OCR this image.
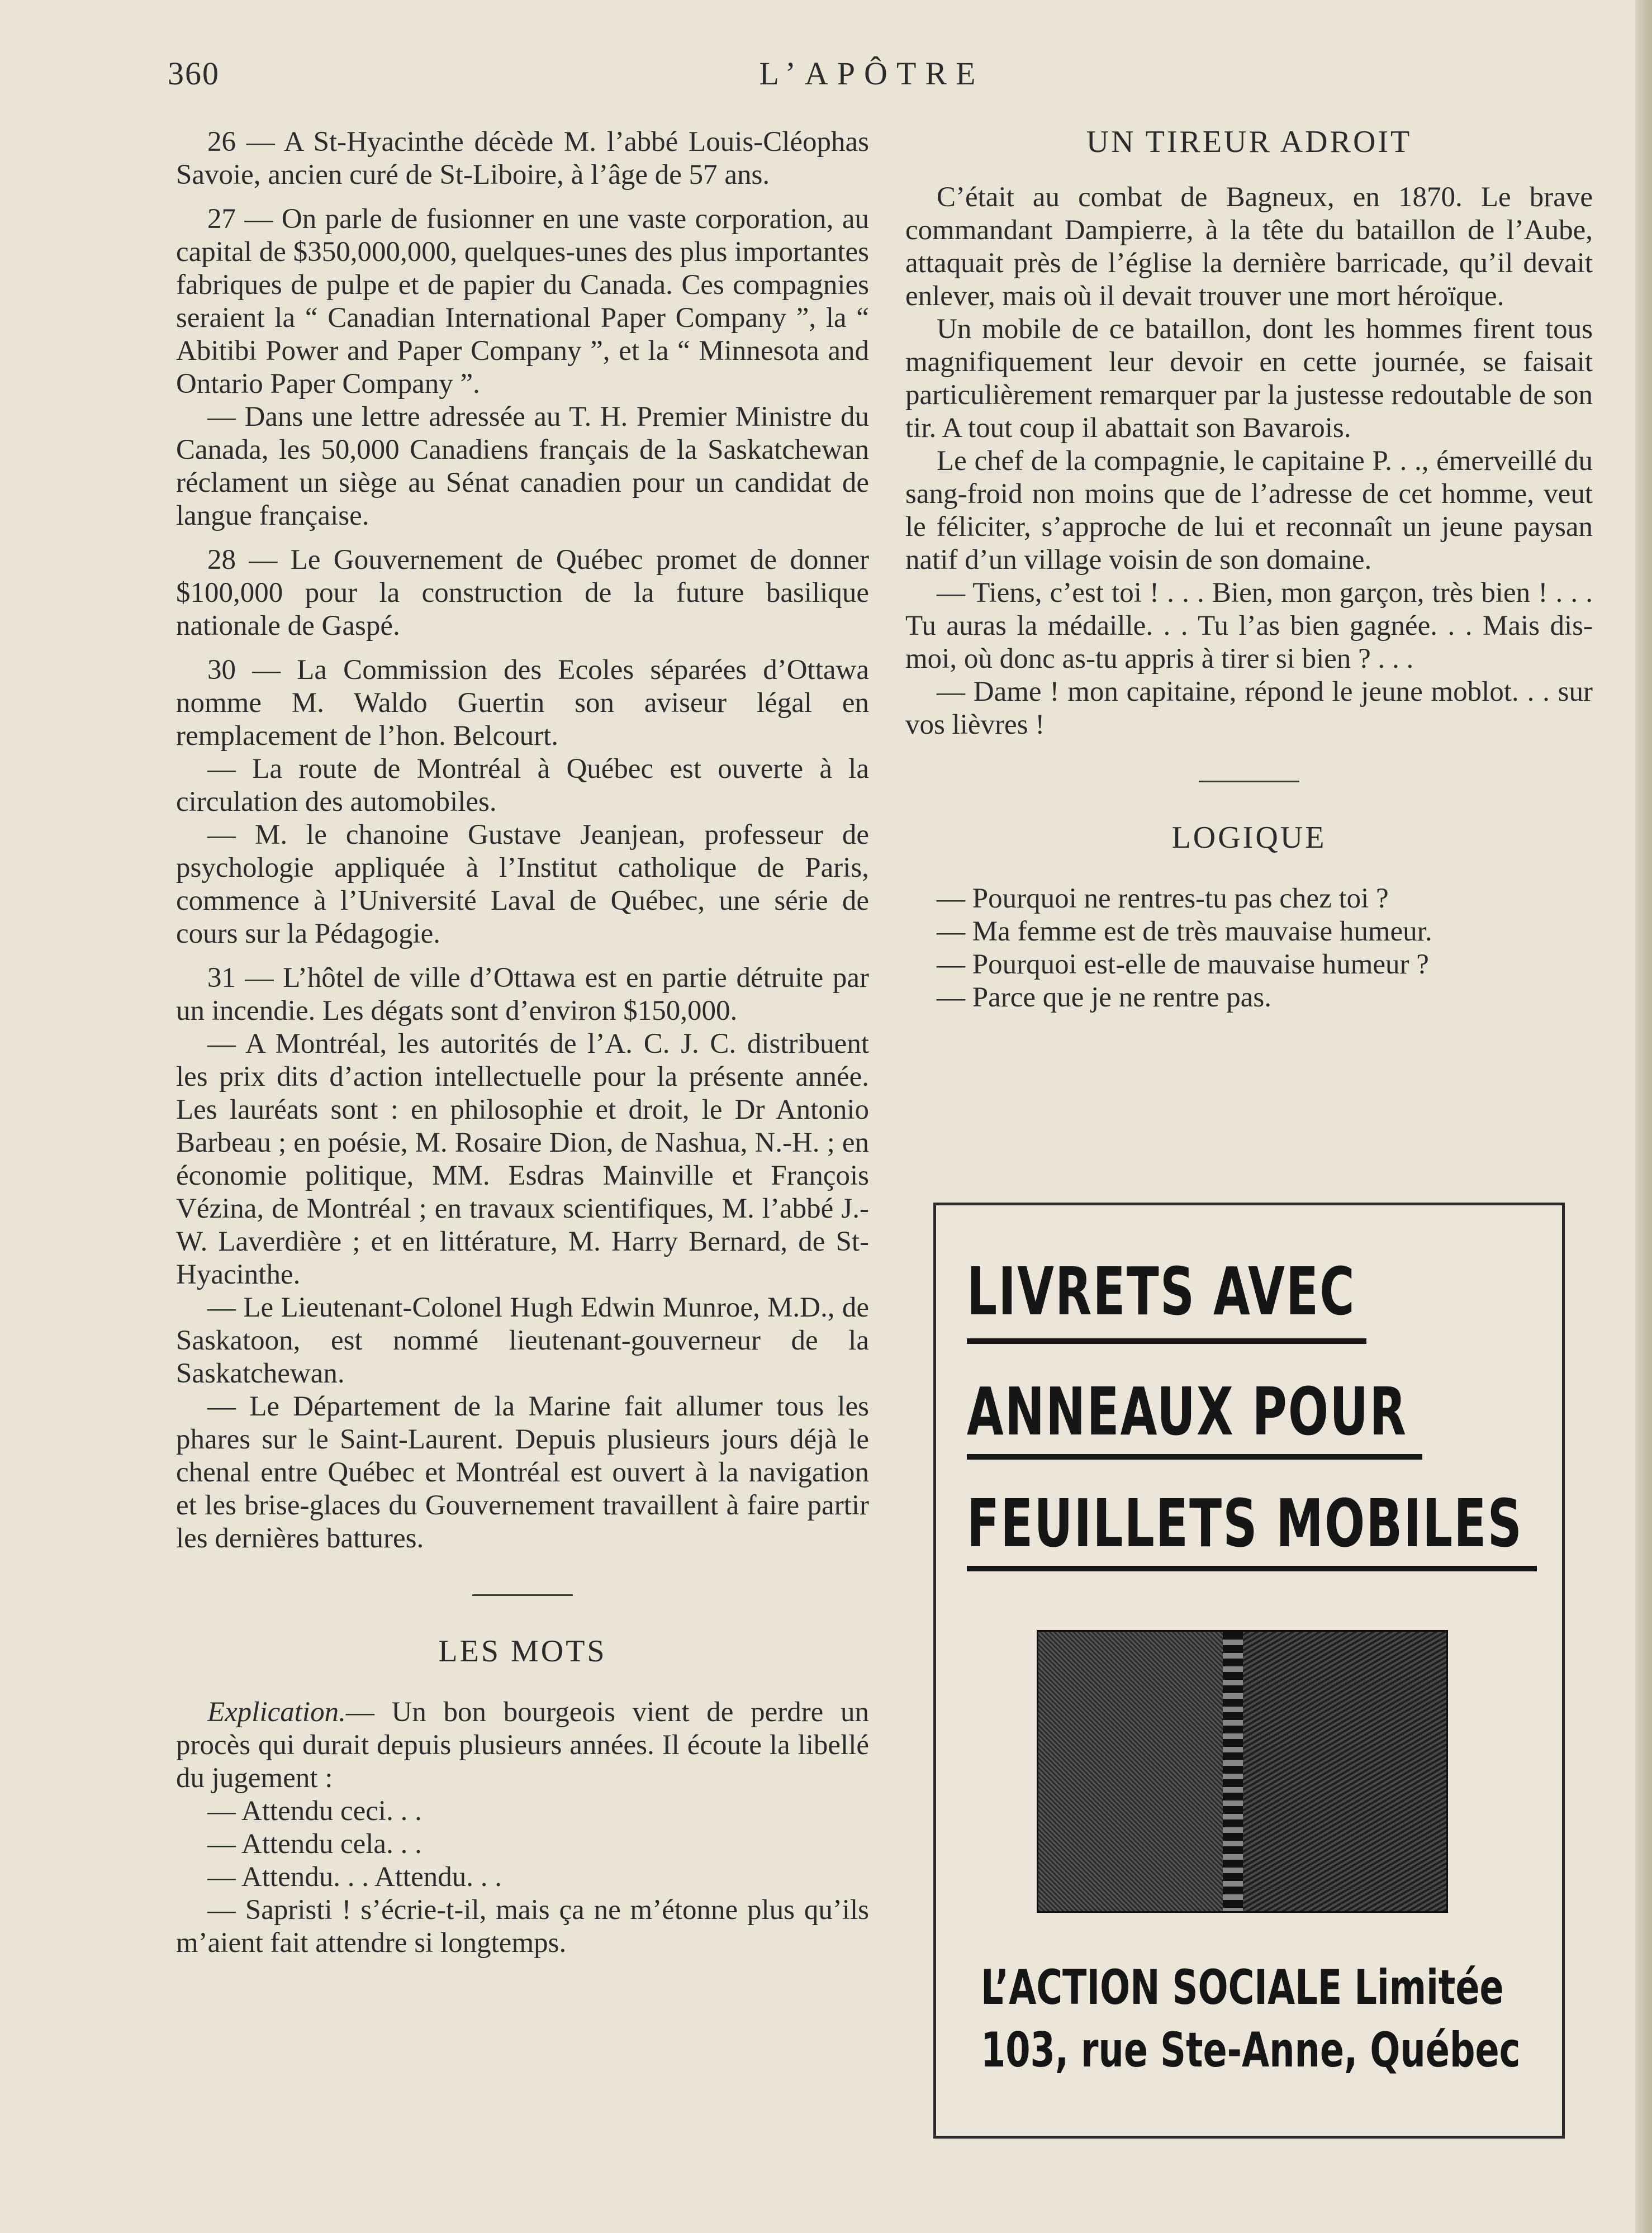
360	L’APÔTRE

26 — A St-Hyacinthe décède M. l’abbé Louis-Cléophas Savoie, ancien curé de St-Liboire, à l’âge de 57 ans.

27 — On parle de fusionner en une vaste corporation, au capital de $350,000,000, quelques-unes des plus importantes fabriques de pulpe et de papier du Canada. Ces compagnies seraient la “ Canadian International Paper Company ”, la “ Abitibi Power and Paper Company ”, et la “ Minnesota and Ontario Paper Company ”.

— Dans une lettre adressée au T. H. Premier Ministre du Canada, les 50,000 Canadiens français de la Saskatchewan réclament un siège au Sénat canadien pour un candidat de langue française.

28 — Le Gouvernement de Québec promet de donner $100,000 pour la construction de la future basilique nationale de Gaspé.

30 — La Commission des Ecoles séparées d’Ottawa nomme M. Waldo Guertin son aviseur légal en remplacement de l’hon. Belcourt.

— La route de Montréal à Québec est ouverte à la circulation des automobiles.

— M. le chanoine Gustave Jeanjean, professeur de psychologie appliquée à l’Institut catholique de Paris, commence à l’Université Laval de Québec, une série de cours sur la Pédagogie.

31 — L’hôtel de ville d’Ottawa est en partie détruite par un incendie. Les dégats sont d’environ $150,000.

— A Montréal, les autorités de l’A. C. J. C. distribuent les prix dits d’action intellectuelle pour la présente année. Les lauréats sont : en philosophie et droit, le Dr Antonio Barbeau ; en poésie, M. Rosaire Dion, de Nashua, N.-H. ; en économie politique, MM. Esdras Mainville et François Vézina, de Montréal ; en travaux scientifiques, M. l’abbé J.-W. Laverdière ; et en littérature, M. Harry Bernard, de St-Hyacinthe.

— Le Lieutenant-Colonel Hugh Edwin Munroe, M.D., de Saskatoon, est nommé lieutenant-gouverneur de la Saskatchewan.

— Le Département de la Marine fait allumer tous les phares sur le Saint-Laurent. Depuis plusieurs jours déjà le chenal entre Québec et Montréal est ouvert à la navigation et les brise-glaces du Gouvernement travaillent à faire partir les dernières battures.

LES MOTS

Explication.— Un bon bourgeois vient de perdre un procès qui durait depuis plusieurs années. Il écoute la libellé du jugement :

— Attendu ceci. . .

— Attendu cela. . .

— Attendu. . . Attendu. . .

— Sapristi ! s’écrie-t-il, mais ça ne m’étonne plus qu’ils m’aient fait attendre si longtemps.

UN TIREUR ADROIT

C’était au combat de Bagneux, en 1870. Le brave commandant Dampierre, à la tête du bataillon de l’Aube, attaquait près de l’église la dernière barricade, qu’il devait enlever, mais où il devait trouver une mort héroïque.

Un mobile de ce bataillon, dont les hommes firent tous magnifiquement leur devoir en cette journée, se faisait particulièrement remarquer par la justesse redoutable de son tir. A tout coup il abattait son Bavarois.

Le chef de la compagnie, le capitaine P. . ., émerveillé du sang-froid non moins que de l’adresse de cet homme, veut le féliciter, s’approche de lui et reconnaît un jeune paysan natif d’un village voisin de son domaine.

— Tiens, c’est toi ! . . . Bien, mon garçon, très bien ! . . . Tu auras la médaille. . . Tu l’as bien gagnée. . . Mais dis-moi, où donc as-tu appris à tirer si bien ? . . .

— Dame ! mon capitaine, répond le jeune moblot. . . sur vos lièvres !

LOGIQUE

— Pourquoi ne rentres-tu pas chez toi ?

— Ma femme est de très mauvaise humeur.

— Pourquoi est-elle de mauvaise humeur ?

— Parce que je ne rentre pas.

LIVRETS AVEC
ANNEAUX POUR
FEUILLETS MOBILES
L’ACTION SOCIALE Limitée
103, rue Ste-Anne, Québec
